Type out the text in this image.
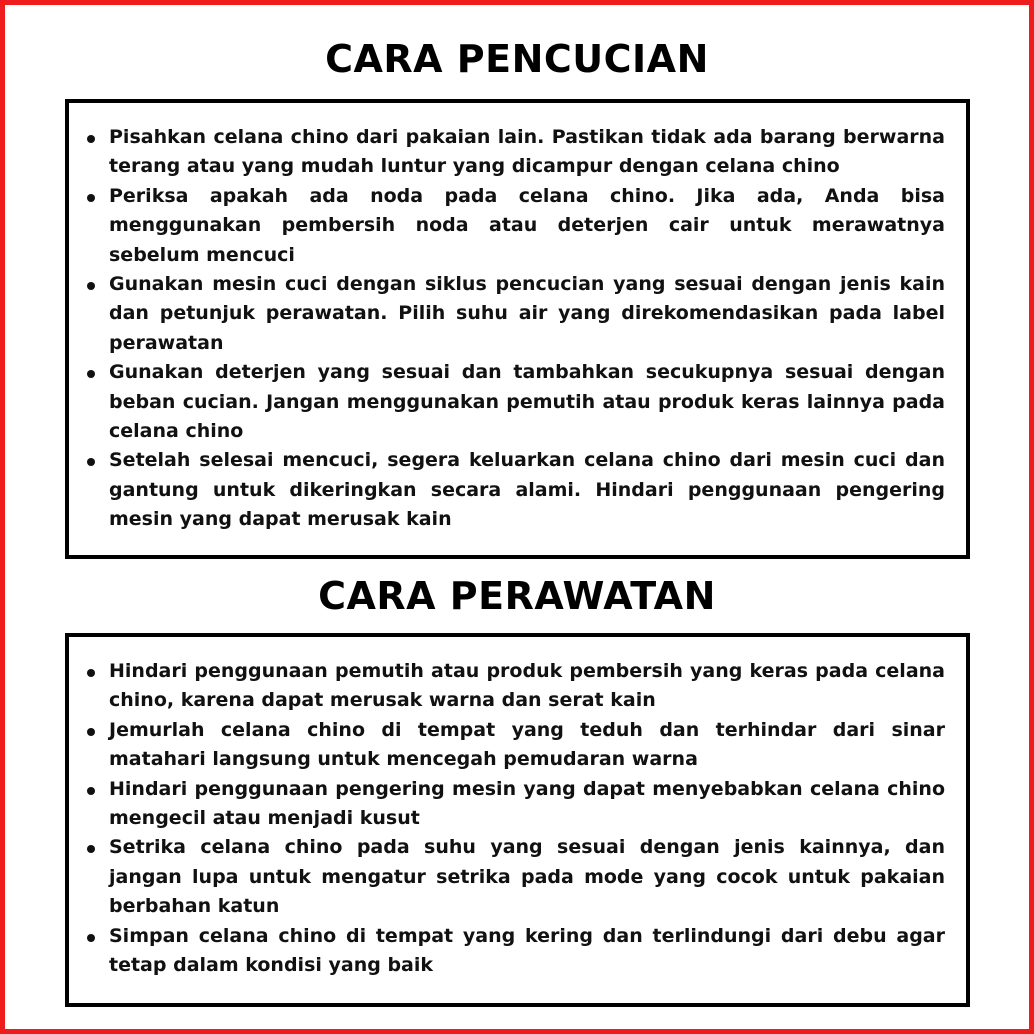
CARA PENCUCIAN
Pisahkan celana chino dari pakaian lain. Pastikan tidak ada barang berwarna terang atau yang mudah luntur yang dicampur dengan celana chino
Periksa apakah ada noda pada celana chino. Jika ada, Anda bisa menggunakan pembersih noda atau deterjen cair untuk merawatnya sebelum mencuci
Gunakan mesin cuci dengan siklus pencucian yang sesuai dengan jenis kain dan petunjuk perawatan. Pilih suhu air yang direkomendasikan pada label perawatan
Gunakan deterjen yang sesuai dan tambahkan secukupnya sesuai dengan beban cucian. Jangan menggunakan pemutih atau produk keras lainnya pada celana chino
Setelah selesai mencuci, segera keluarkan celana chino dari mesin cuci dan gantung untuk dikeringkan secara alami. Hindari penggunaan pengering mesin yang dapat merusak kain
CARA PERAWATAN
Hindari penggunaan pemutih atau produk pembersih yang keras pada celana chino, karena dapat merusak warna dan serat kain
Jemurlah celana chino di tempat yang teduh dan terhindar dari sinar matahari langsung untuk mencegah pemudaran warna
Hindari penggunaan pengering mesin yang dapat menyebabkan celana chino mengecil atau menjadi kusut
Setrika celana chino pada suhu yang sesuai dengan jenis kainnya, dan jangan lupa untuk mengatur setrika pada mode yang cocok untuk pakaian berbahan katun
Simpan celana chino di tempat yang kering dan terlindungi dari debu agar tetap dalam kondisi yang baik
